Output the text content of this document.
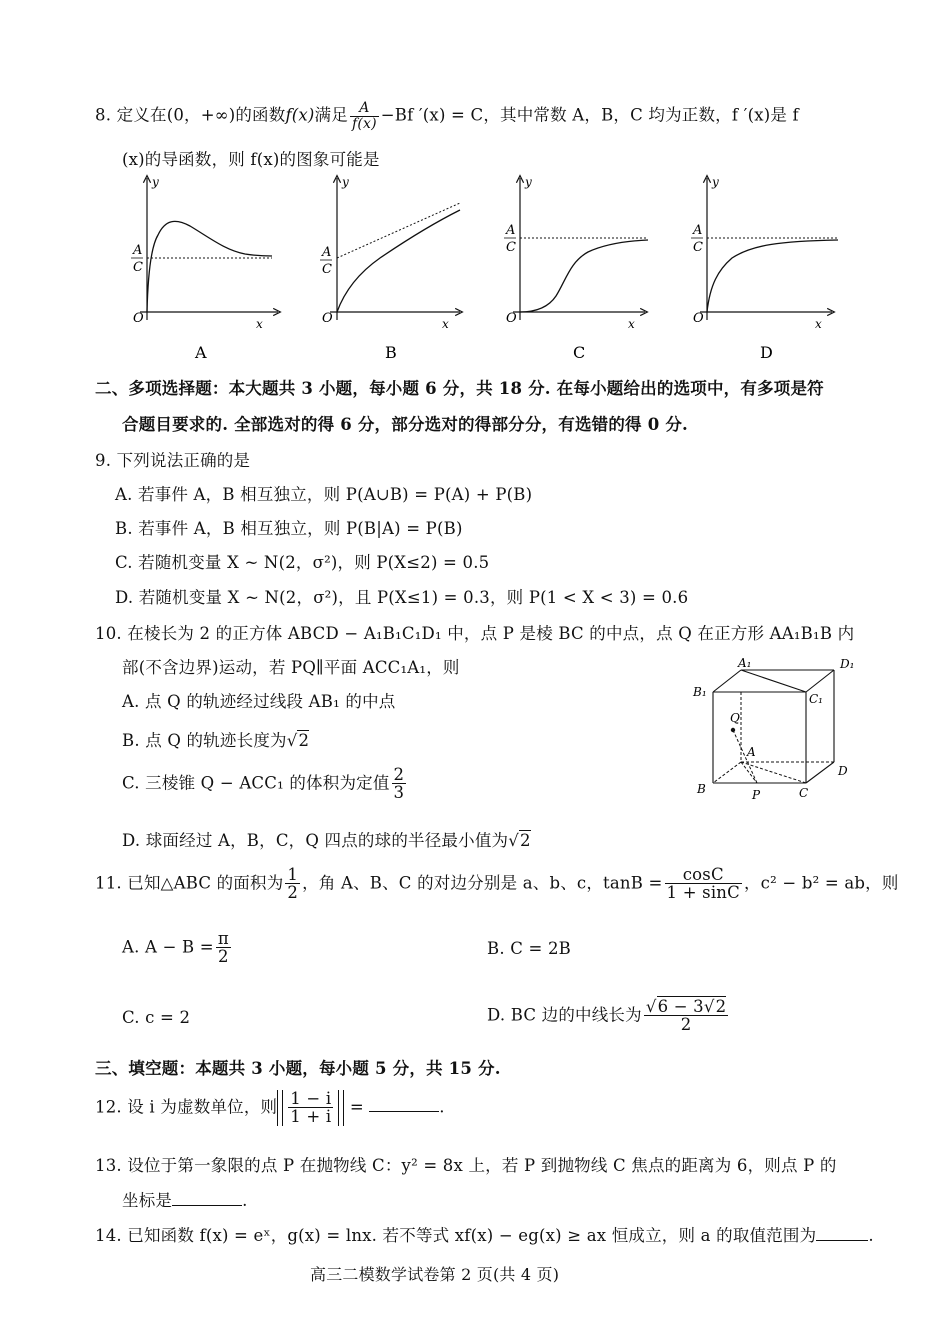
8. 定义在(0，+∞)的函数f(x)满足 $\frac{A}{f(x)} -Bf$ ′(x) = C，其中常数 A，B，C 均为正数，f ′(x)是 f
(x)的导函数，则 f(x)的图象可能是
y
A
C
O	x
A
y
A
C
O	x
B
y
A
C
O	x
C
y
A
C
O	x
D
二、多项选择题：本大题共 3 小题，每小题 6 分，共 18 分. 在每小题给出的选项中，有多项是符
合题目要求的. 全部选对的得 6 分，部分选对的得部分分，有选错的得 0 分.
9. 下列说法正确的是
A. 若事件 A，B 相互独立，则 P(A∪B) = P(A) + P(B)
B. 若事件 A，B 相互独立，则 P(B|A) = P(B)
C. 若随机变量 X ~ N(2，σ²)，则 P(X≤2) = 0.5
D. 若随机变量 X ~ N(2，σ²)，且 P(X≤1) = 0.3，则 P(1 < X < 3) = 0.6
10. 在棱长为 2 的正方体 ABCD − A₁B₁C₁D₁ 中，点 P 是棱 BC 的中点，点 Q 在正方形 AA₁B₁B 内
部(不含边界)运动，若 PQ∥平面 ACC₁A₁，则
A. 点 Q 的轨迹经过线段 AB₁ 的中点
B. 点 Q 的轨迹长度为√2
C. 三棱锥 Q − ACC₁ 的体积为定值 $\frac{2}{3}$
D. 球面经过 A，B，C，Q 四点的球的半径最小值为√2
A₁	D₁
B₁	C₁
Q
A
D
B	P	C
11. 已知△ABC 的面积为 $\frac{1}{2}$ ，角 A、B、C 的对边分别是 a、b、c，$\tan B = \frac{\cos C}{1 + \sin C}$ ，c² − b² = ab，则
A. $A - B = \frac{\pi}{2}$	B. C = 2B
C. c = 2	D. BC 边的中线长为 $\frac{√6 - 3√2}{2}$
三、填空题：本题共 3 小题，每小题 5 分，共 15 分.
12. 设 i 为虚数单位，则 $\frac{1 - i}{1 + i}$ =	.
13. 设位于第一象限的点 P 在抛物线 C：y² = 8x 上，若 P 到抛物线 C 焦点的距离为 6，则点 P 的
坐标是	.
14. 已知函数 f(x) = eˣ，g(x) = lnx. 若不等式 xf(x) − eg(x) ≥ ax 恒成立，则 a 的取值范围为	.
高三二模数学试卷第 2 页(共 4 页)
